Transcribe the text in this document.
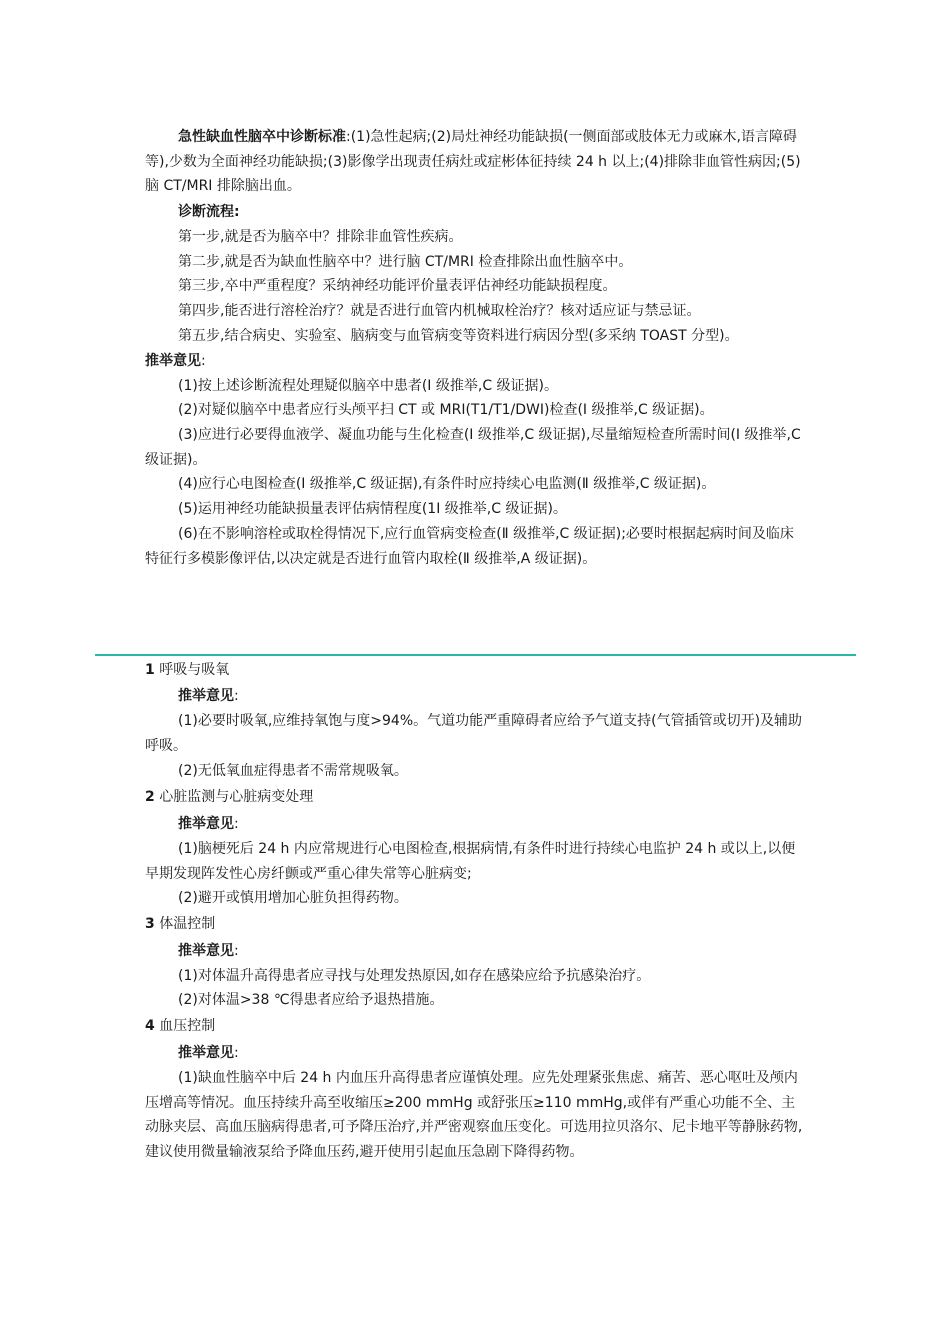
急性缺血性脑卒中诊断标准:(1)急性起病;(2)局灶神经功能缺损(一侧面部或肢体无力或麻木,语言障碍等),少数为全面神经功能缺损;(3)影像学出现责任病灶或症彬体征持续 24 h 以上;(4)排除非血管性病因;(5)脑 CT/MRI 排除脑出血。

诊断流程:

第一步,就是否为脑卒中？排除非血管性疾病。

第二步,就是否为缺血性脑卒中？进行脑 CT/MRI 检查排除出血性脑卒中。

第三步,卒中严重程度？采纳神经功能评价量表评估神经功能缺损程度。

第四步,能否进行溶栓治疗？就是否进行血管内机械取栓治疗？核对适应证与禁忌证。

第五步,结合病史、实验室、脑病变与血管病变等资料进行病因分型(多采纳 TOAST 分型)。

推举意见:

(1)按上述诊断流程处理疑似脑卒中患者(Ⅰ 级推举,C 级证据)。

(2)对疑似脑卒中患者应行头颅平扫 CT 或 MRI(T1/T1/DWI)检查(Ⅰ 级推举,C 级证据)。

(3)应进行必要得血液学、凝血功能与生化检查(Ⅰ 级推举,C 级证据),尽量缩短检查所需时间(Ⅰ 级推举,C 级证据)。

(4)应行心电图检查(Ⅰ 级推举,C 级证据),有条件时应持续心电监测(Ⅱ 级推举,C 级证据)。

(5)运用神经功能缺损量表评估病情程度(1Ⅰ 级推举,C 级证据)。

(6)在不影响溶栓或取栓得情况下,应行血管病变检查(Ⅱ 级推举,C 级证据);必要时根据起病时间及临床特征行多模影像评估,以决定就是否进行血管内取栓(Ⅱ 级推举,A 级证据)。

1 呼吸与吸氧

推举意见:

(1)必要时吸氧,应维持氧饱与度>94%。气道功能严重障碍者应给予气道支持(气管插管或切开)及辅助呼吸。

(2)无低氧血症得患者不需常规吸氧。

2 心脏监测与心脏病变处理

推举意见:

(1)脑梗死后 24 h 内应常规进行心电图检查,根据病情,有条件时进行持续心电监护 24 h 或以上,以便早期发现阵发性心房纤颤或严重心律失常等心脏病变;

(2)避开或慎用增加心脏负担得药物。

3 体温控制

推举意见:

(1)对体温升高得患者应寻找与处理发热原因,如存在感染应给予抗感染治疗。

(2)对体温>38 ℃得患者应给予退热措施。

4 血压控制

推举意见:

(1)缺血性脑卒中后 24 h 内血压升高得患者应谨慎处理。应先处理紧张焦虑、痛苦、恶心呕吐及颅内压增高等情况。血压持续升高至收缩压≥200 mmHg 或舒张压≥110 mmHg,或伴有严重心功能不全、主动脉夹层、高血压脑病得患者,可予降压治疗,并严密观察血压变化。可选用拉贝洛尔、尼卡地平等静脉药物,建议使用微量输液泵给予降血压药,避开使用引起血压急剧下降得药物。
